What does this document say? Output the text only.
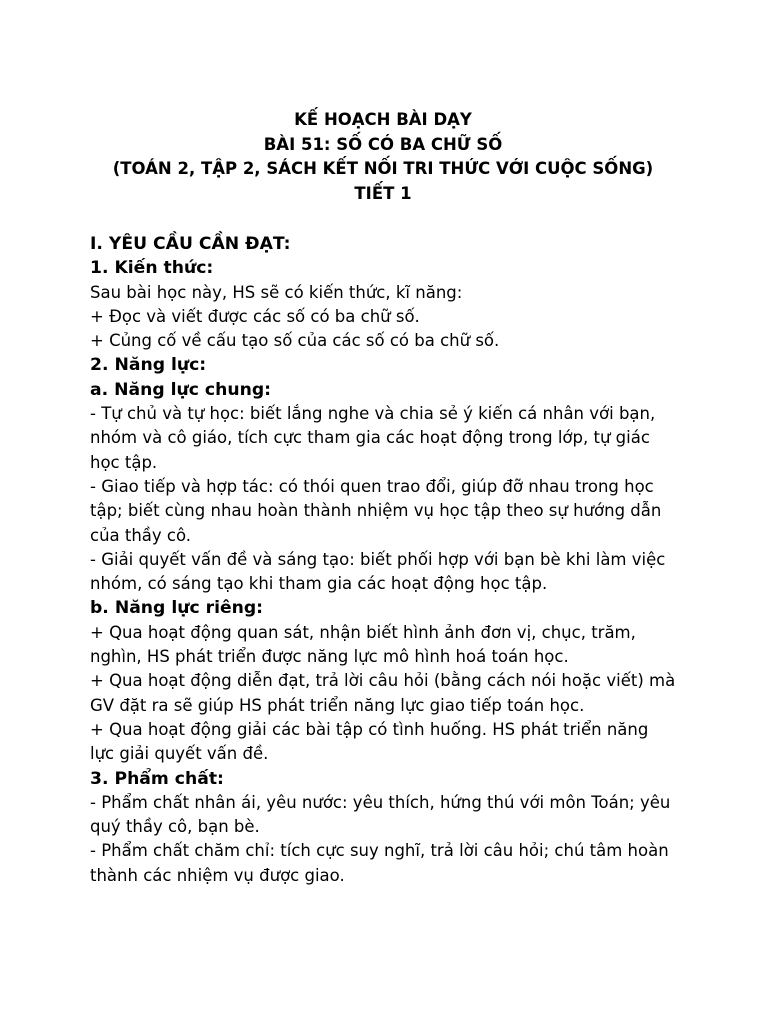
KẾ HOẠCH BÀI DẠY
BÀI 51: SỐ CÓ BA CHỮ SỐ
(TOÁN 2, TẬP 2, SÁCH KẾT NỐI TRI THỨC VỚI CUỘC SỐNG)
TIẾT 1

I. YÊU CẦU CẦN ĐẠT:

1. Kiến thức:

Sau bài học này, HS sẽ có kiến thức, kĩ năng:

+ Đọc và viết được các số có ba chữ số.

+ Củng cố về cấu tạo số của các số có ba chữ số.

2. Năng lực:

a. Năng lực chung:

- Tự chủ và tự học: biết lắng nghe và chia sẻ ý kiến cá nhân với bạn, nhóm và cô giáo, tích cực tham gia các hoạt động trong lớp, tự giác học tập.

- Giao tiếp và hợp tác: có thói quen trao đổi, giúp đỡ nhau trong học tập; biết cùng nhau hoàn thành nhiệm vụ học tập theo sự hướng dẫn của thầy cô.

- Giải quyết vấn đề và sáng tạo: biết phối hợp với bạn bè khi làm việc nhóm, có sáng tạo khi tham gia các hoạt động học tập.

b. Năng lực riêng:

+ Qua hoạt động quan sát, nhận biết hình ảnh đơn vị, chục, trăm, nghìn, HS phát triển được năng lực mô hình hoá toán học.

+ Qua hoạt động diễn đạt, trả lời câu hỏi (bằng cách nói hoặc viết) mà GV đặt ra sẽ giúp HS phát triển năng lực giao tiếp toán học.

+ Qua hoạt động giải các bài tập có tình huống. HS phát triển năng lực giải quyết vấn đề.

3. Phẩm chất:

- Phẩm chất nhân ái, yêu nước: yêu thích, hứng thú với môn Toán; yêu quý thầy cô, bạn bè.

- Phẩm chất chăm chỉ: tích cực suy nghĩ, trả lời câu hỏi; chú tâm hoàn thành các nhiệm vụ được giao.
